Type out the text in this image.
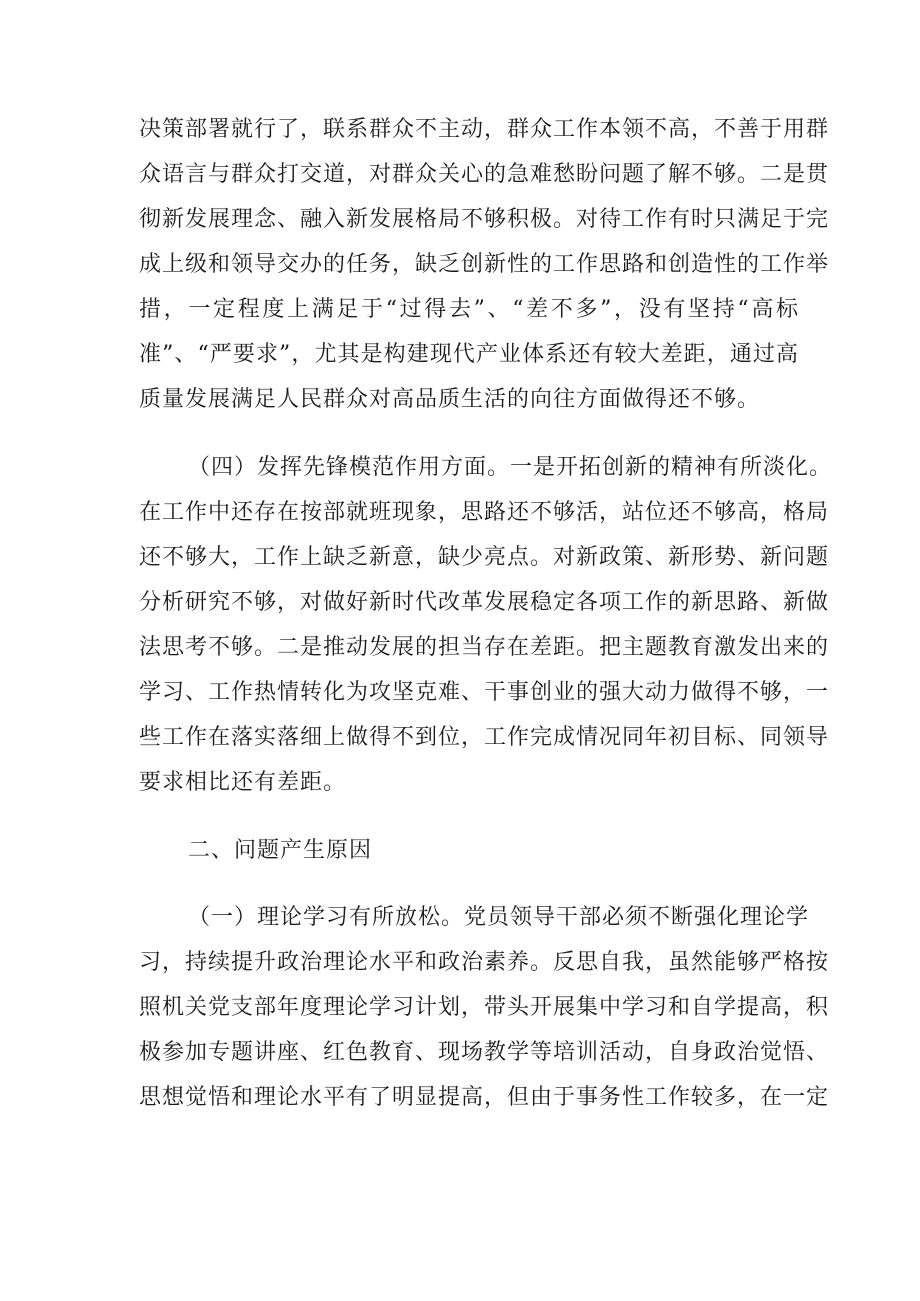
决策部署就行了，联系群众不主动，群众工作本领不高，不善于用群
众语言与群众打交道，对群众关心的急难愁盼问题了解不够。二是贯
彻新发展理念、融入新发展格局不够积极。对待工作有时只满足于完
成上级和领导交办的任务，缺乏创新性的工作思路和创造性的工作举
措，一定程度上满足于“过得去”、“差不多”，没有坚持“高标
准”、“严要求”，尤其是构建现代产业体系还有较大差距，通过高
质量发展满足人民群众对高品质生活的向往方面做得还不够。
（四）发挥先锋模范作用方面。一是开拓创新的精神有所淡化。
在工作中还存在按部就班现象，思路还不够活，站位还不够高，格局
还不够大，工作上缺乏新意，缺少亮点。对新政策、新形势、新问题
分析研究不够，对做好新时代改革发展稳定各项工作的新思路、新做
法思考不够。二是推动发展的担当存在差距。把主题教育激发出来的
学习、工作热情转化为攻坚克难、干事创业的强大动力做得不够，一
些工作在落实落细上做得不到位，工作完成情况同年初目标、同领导
要求相比还有差距。
二、问题产生原因
（一）理论学习有所放松。党员领导干部必须不断强化理论学
习，持续提升政治理论水平和政治素养。反思自我，虽然能够严格按
照机关党支部年度理论学习计划，带头开展集中学习和自学提高，积
极参加专题讲座、红色教育、现场教学等培训活动，自身政治觉悟、
思想觉悟和理论水平有了明显提高，但由于事务性工作较多，在一定
